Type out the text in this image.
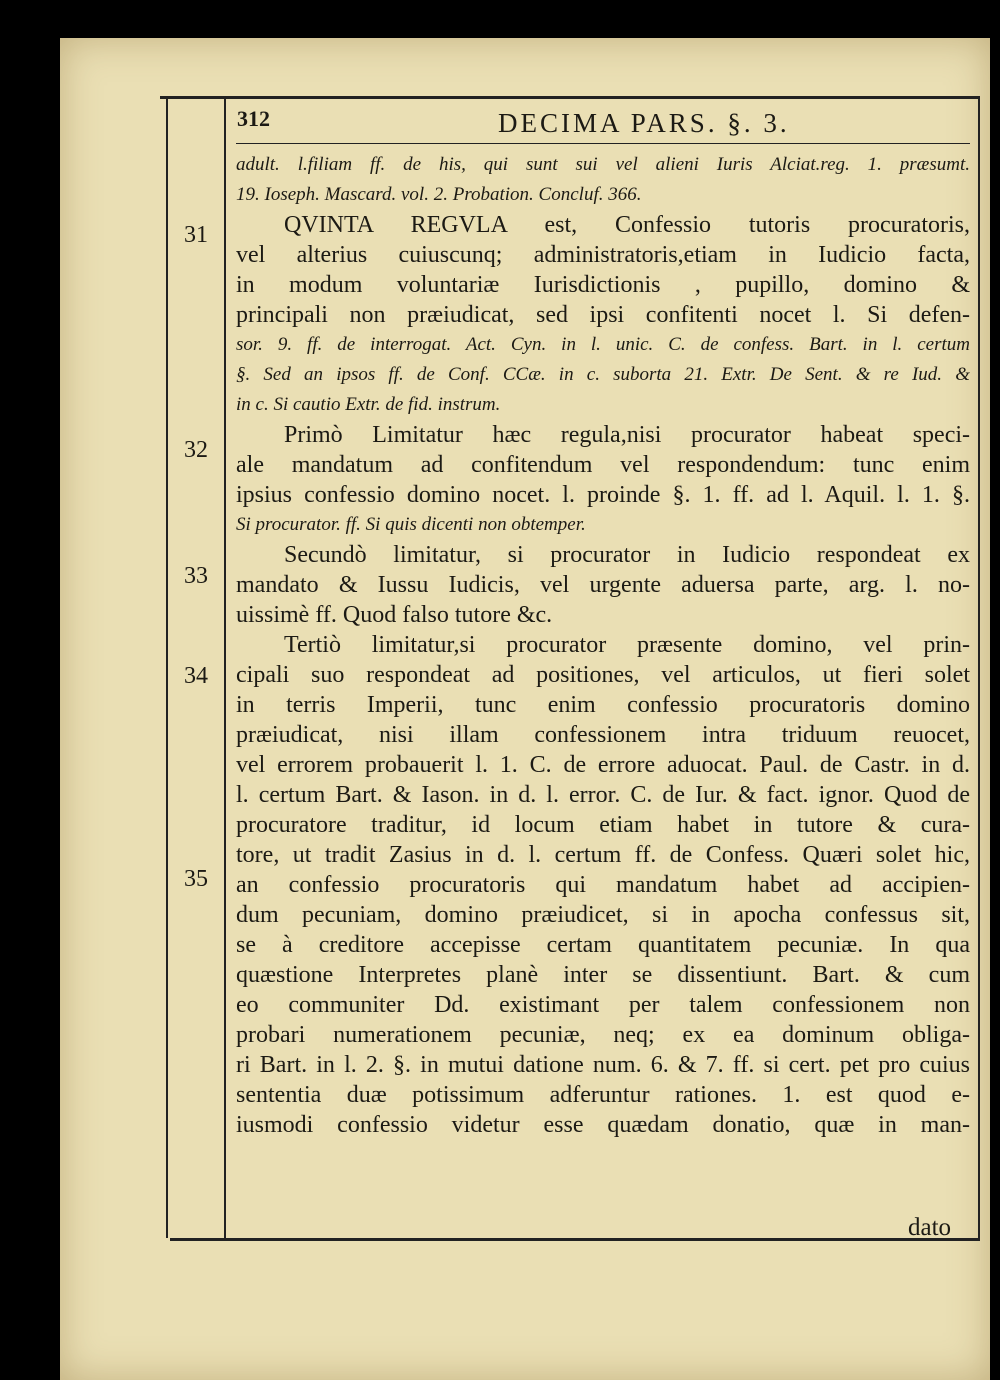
312	DECIMA PARS. §. 3.
31
32
33
34
35
adult. l.filiam ff. de his, qui sunt sui vel alieni Iuris Alciat.reg. 1. præsumt.
19. Ioseph. Mascard. vol. 2. Probation. Concluf. 366.
QVINTA REGVLA est, Confessio tutoris procuratoris,
vel alterius cuiuscunq; administratoris,etiam in Iudicio facta,
in modum voluntariæ Iurisdictionis , pupillo, domino &
principali non præiudicat, sed ipsi confitenti nocet l. Si defen-
sor. 9. ff. de interrogat. Act. Cyn. in l. unic. C. de confess. Bart. in l. certum
§. Sed an ipsos ff. de Conf. CCæ. in c. suborta 21. Extr. De Sent. & re Iud. &
in c. Si cautio Extr. de fid. instrum.
Primò Limitatur hæc regula,nisi procurator habeat speci-
ale mandatum ad confitendum vel respondendum: tunc enim
ipsius confessio domino nocet. l. proinde §. 1. ff. ad l. Aquil. l. 1. §.
Si procurator. ff. Si quis dicenti non obtemper.
Secundò limitatur, si procurator in Iudicio respondeat ex
mandato & Iussu Iudicis, vel urgente aduersa parte, arg. l. no-
uissimè ff. Quod falso tutore &c.
Tertiò limitatur,si procurator præsente domino, vel prin-
cipali suo respondeat ad positiones, vel articulos, ut fieri solet
in terris Imperii, tunc enim confessio procuratoris domino
præiudicat, nisi illam confessionem intra triduum reuocet,
vel errorem probauerit l. 1. C. de errore aduocat. Paul. de Castr. in d.
l. certum Bart. & Iason. in d. l. error. C. de Iur. & fact. ignor. Quod de
procuratore traditur, id locum etiam habet in tutore & cura-
tore, ut tradit Zasius in d. l. certum ff. de Confess. Quæri solet hic,
an confessio procuratoris qui mandatum habet ad accipien-
dum pecuniam, domino præiudicet, si in apocha confessus sit,
se à creditore accepisse certam quantitatem pecuniæ. In qua
quæstione Interpretes planè inter se dissentiunt. Bart. & cum
eo communiter Dd. existimant per talem confessionem non
probari numerationem pecuniæ, neq; ex ea dominum obliga-
ri Bart. in l. 2. §. in mutui datione num. 6. & 7. ff. si cert. pet pro cuius
sententia duæ potissimum adferuntur rationes. 1. est quod e-
iusmodi confessio videtur esse quædam donatio, quæ in man-
dato
